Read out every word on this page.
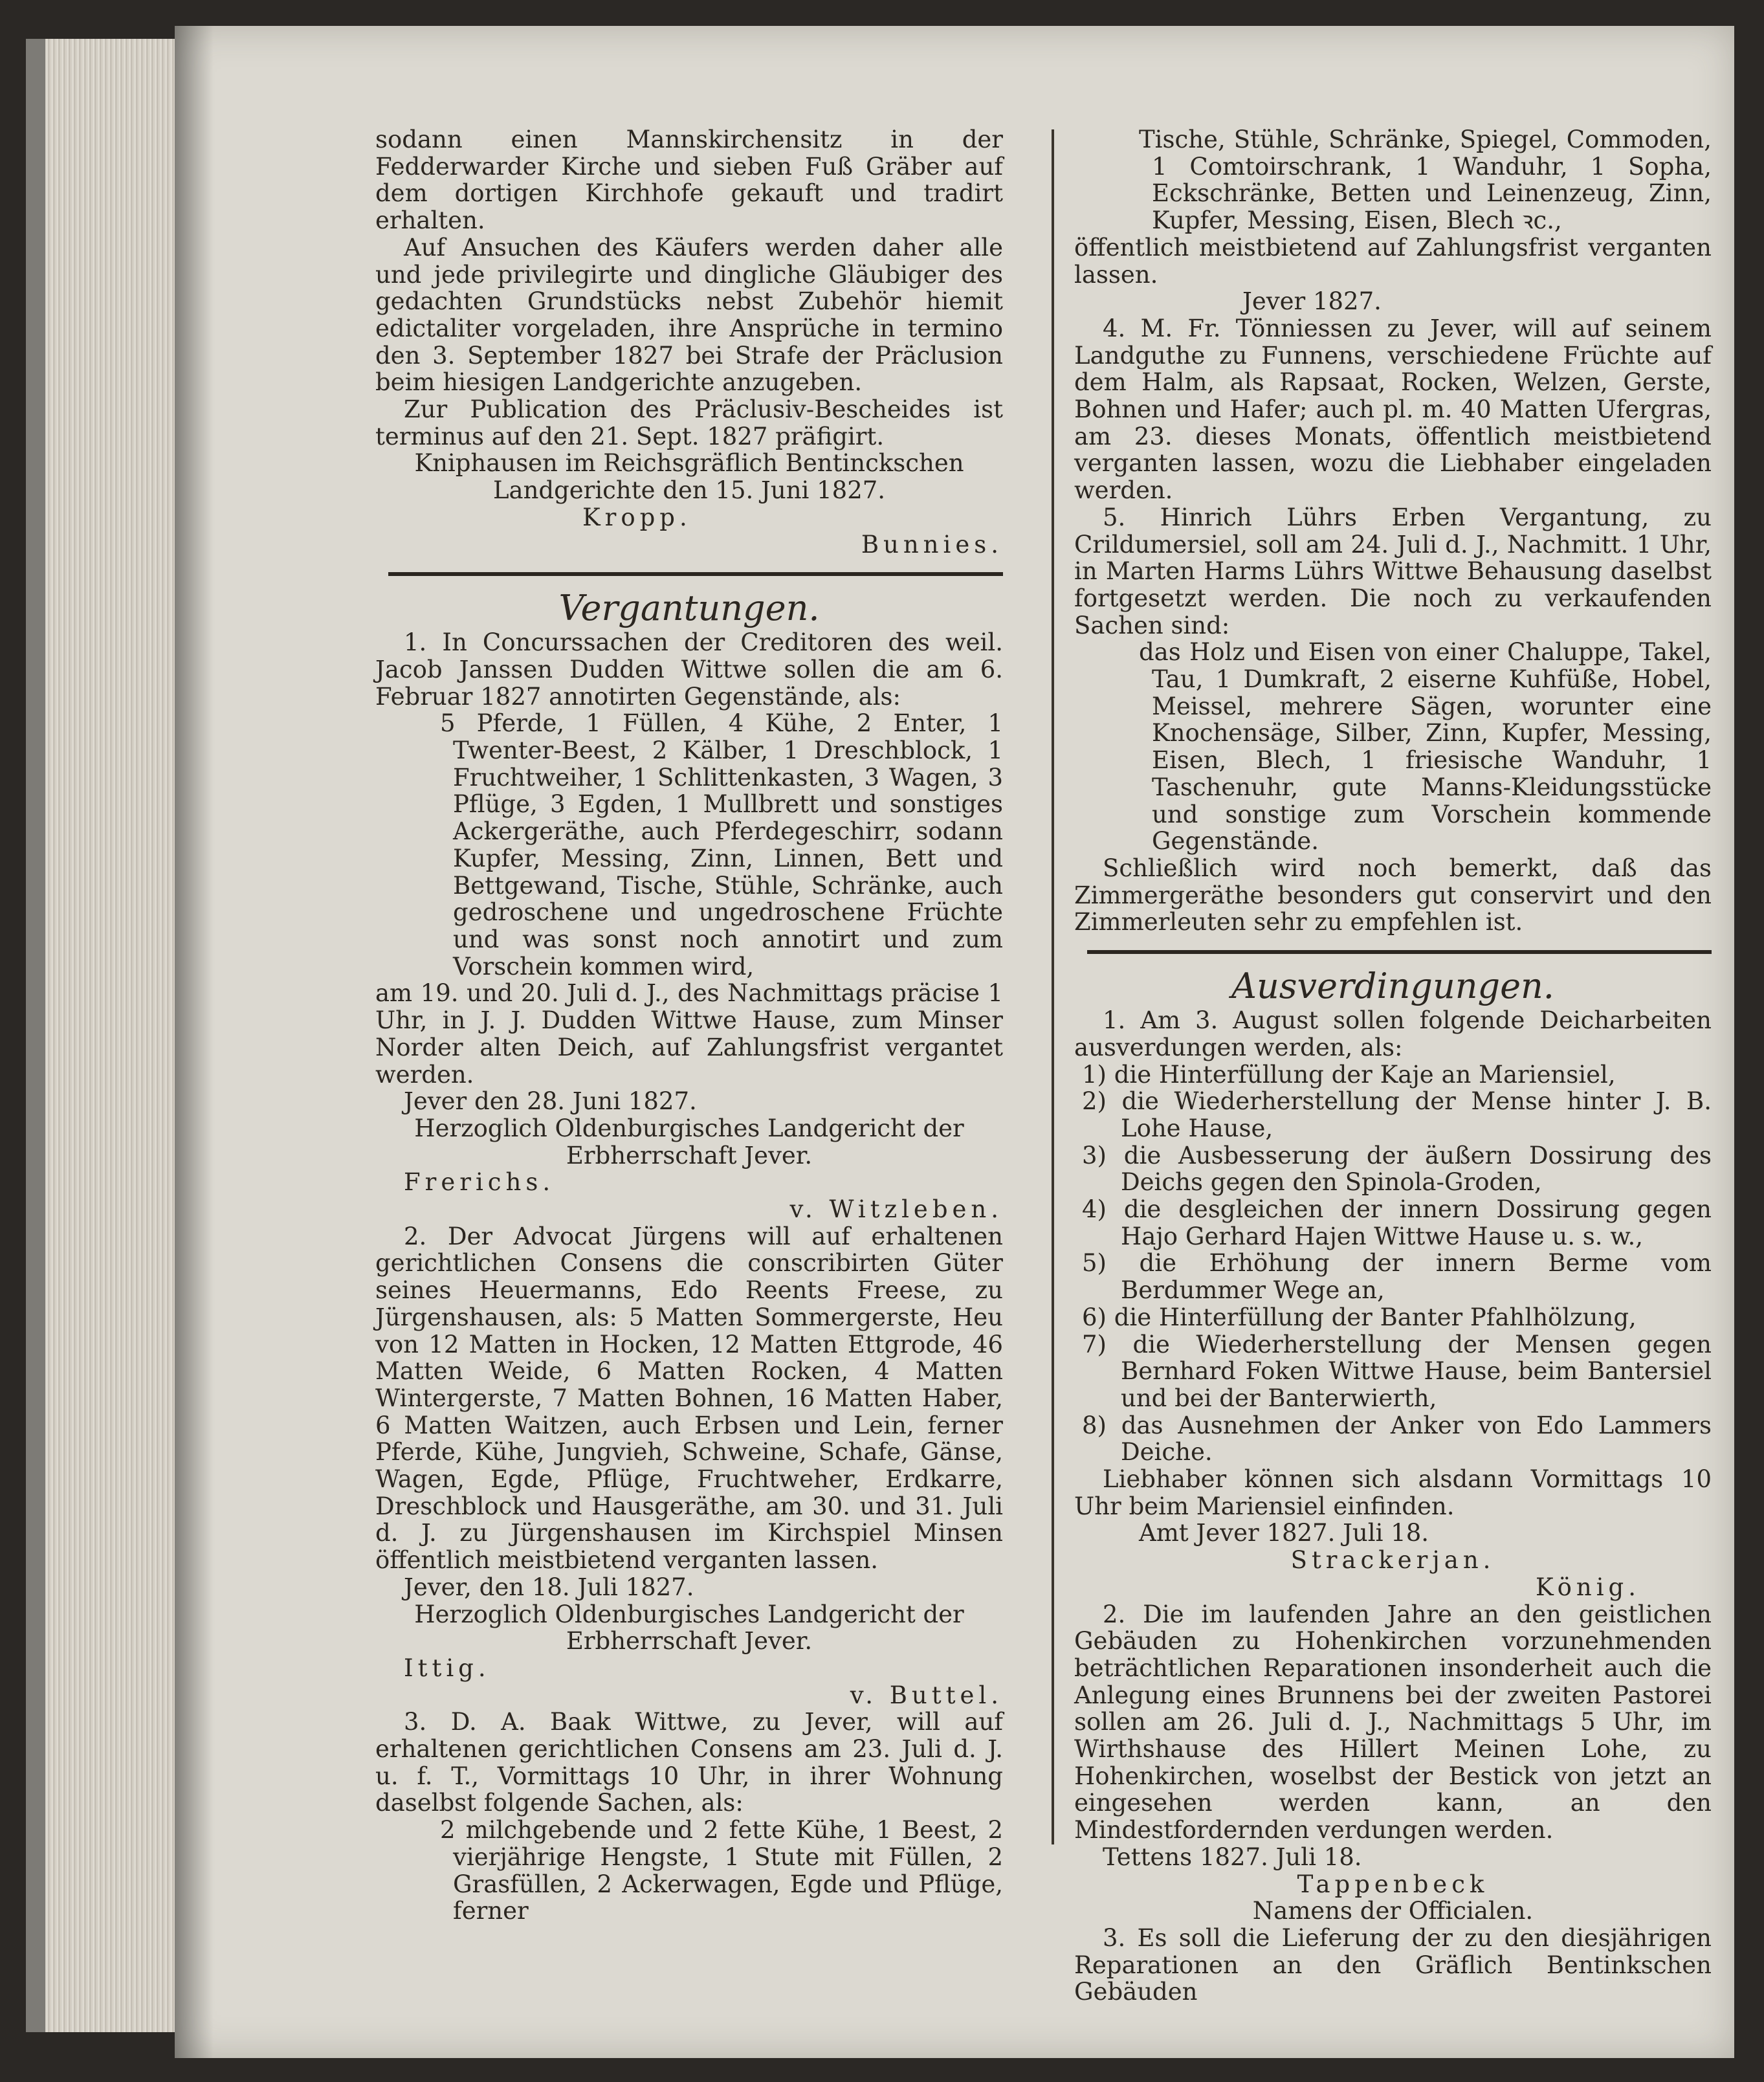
sodann einen Mannskirchensitz in der Fedderwarder Kirche und sieben Fuß Gräber auf dem dortigen Kirchhofe gekauft und tradirt erhalten.

Auf Ansuchen des Käufers werden daher alle und jede privilegirte und dingliche Gläubiger des gedachten Grundstücks nebst Zubehör hiemit edictaliter vorgeladen, ihre Ansprüche in termino den 3. September 1827 bei Strafe der Präclusion beim hiesigen Landgerichte anzugeben.

Zur Publication des Präclusiv-Bescheides ist terminus auf den 21. Sept. 1827 präfigirt.

Kniphausen im Reichsgräflich Bentinckschen Landgerichte den 15. Juni 1827.

Kropp.

Bunnies.

Vergantungen.

1. In Concurssachen der Creditoren des weil. Jacob Janssen Dudden Wittwe sollen die am 6. Februar 1827 annotirten Gegenstände, als:

5 Pferde, 1 Füllen, 4 Kühe, 2 Enter, 1 Twenter-Beest, 2 Kälber, 1 Dreschblock, 1 Fruchtweiher, 1 Schlittenkasten, 3 Wagen, 3 Pflüge, 3 Egden, 1 Mullbrett und sonstiges Ackergeräthe, auch Pferdegeschirr, sodann Kupfer, Messing, Zinn, Linnen, Bett und Bettgewand, Tische, Stühle, Schränke, auch gedroschene und ungedroschene Früchte und was sonst noch annotirt und zum Vorschein kommen wird,

am 19. und 20. Juli d. J., des Nachmittags präcise 1 Uhr, in J. J. Dudden Wittwe Hause, zum Minser Norder alten Deich, auf Zahlungsfrist vergantet werden.

Jever den 28. Juni 1827.

Herzoglich Oldenburgisches Landgericht der Erbherrschaft Jever.

Frerichs.

v. Witzleben.

2. Der Advocat Jürgens will auf erhaltenen gerichtlichen Consens die conscribirten Güter seines Heuermanns, Edo Reents Freese, zu Jürgenshausen, als: 5 Matten Sommergerste, Heu von 12 Matten in Hocken, 12 Matten Ettgrode, 46 Matten Weide, 6 Matten Rocken, 4 Matten Wintergerste, 7 Matten Bohnen, 16 Matten Haber, 6 Matten Waitzen, auch Erbsen und Lein, ferner Pferde, Kühe, Jungvieh, Schweine, Schafe, Gänse, Wagen, Egde, Pflüge, Fruchtweher, Erdkarre, Dreschblock und Hausgeräthe, am 30. und 31. Juli d. J. zu Jürgenshausen im Kirchspiel Minsen öffentlich meistbietend verganten lassen.

Jever, den 18. Juli 1827.

Herzoglich Oldenburgisches Landgericht der Erbherrschaft Jever.

Ittig.

v. Buttel.

3. D. A. Baak Wittwe, zu Jever, will auf erhaltenen gerichtlichen Consens am 23. Juli d. J. u. f. T., Vormittags 10 Uhr, in ihrer Wohnung daselbst folgende Sachen, als:

2 milchgebende und 2 fette Kühe, 1 Beest, 2 vierjährige Hengste, 1 Stute mit Füllen, 2 Grasfüllen, 2 Ackerwagen, Egde und Pflüge, ferner

Tische, Stühle, Schränke, Spiegel, Commoden, 1 Comtoirschrank, 1 Wanduhr, 1 Sopha, Eckschränke, Betten und Leinenzeug, Zinn, Kupfer, Messing, Eisen, Blech ꝛc.,

öffentlich meistbietend auf Zahlungsfrist verganten lassen.

Jever 1827.

4. M. Fr. Tönniessen zu Jever, will auf seinem Landguthe zu Funnens, verschiedene Früchte auf dem Halm, als Rapsaat, Rocken, Welzen, Gerste, Bohnen und Hafer; auch pl. m. 40 Matten Ufergras, am 23. dieses Monats, öffentlich meistbietend verganten lassen, wozu die Liebhaber eingeladen werden.

5. Hinrich Lührs Erben Vergantung, zu Crildumersiel, soll am 24. Juli d. J., Nachmitt. 1 Uhr, in Marten Harms Lührs Wittwe Behausung daselbst fortgesetzt werden. Die noch zu verkaufenden Sachen sind:

das Holz und Eisen von einer Chaluppe, Takel, Tau, 1 Dumkraft, 2 eiserne Kuhfüße, Hobel, Meissel, mehrere Sägen, worunter eine Knochensäge, Silber, Zinn, Kupfer, Messing, Eisen, Blech, 1 friesische Wanduhr, 1 Taschenuhr, gute Manns-Kleidungsstücke und sonstige zum Vorschein kommende Gegenstände.

Schließlich wird noch bemerkt, daß das Zimmergeräthe besonders gut conservirt und den Zimmerleuten sehr zu empfehlen ist.

Ausverdingungen.

1. Am 3. August sollen folgende Deicharbeiten ausverdungen werden, als:

1) die Hinterfüllung der Kaje an Mariensiel,

2) die Wiederherstellung der Mense hinter J. B. Lohe Hause,

3) die Ausbesserung der äußern Dossirung des Deichs gegen den Spinola-Groden,

4) die desgleichen der innern Dossirung gegen Hajo Gerhard Hajen Wittwe Hause u. s. w.,

5) die Erhöhung der innern Berme vom Berdummer Wege an,

6) die Hinterfüllung der Banter Pfahlhölzung,

7) die Wiederherstellung der Mensen gegen Bernhard Foken Wittwe Hause, beim Bantersiel und bei der Banterwierth,

8) das Ausnehmen der Anker von Edo Lammers Deiche.

Liebhaber können sich alsdann Vormittags 10 Uhr beim Mariensiel einfinden.

Amt Jever 1827. Juli 18.

Strackerjan.

König.

2. Die im laufenden Jahre an den geistlichen Gebäuden zu Hohenkirchen vorzunehmenden beträchtlichen Reparationen insonderheit auch die Anlegung eines Brunnens bei der zweiten Pastorei sollen am 26. Juli d. J., Nachmittags 5 Uhr, im Wirthshause des Hillert Meinen Lohe, zu Hohenkirchen, woselbst der Bestick von jetzt an eingesehen werden kann, an den Mindestfordernden verdungen werden.

Tettens 1827. Juli 18.

Tappenbeck

Namens der Officialen.

3. Es soll die Lieferung der zu den diesjährigen Reparationen an den Gräflich Bentinkschen Gebäuden
